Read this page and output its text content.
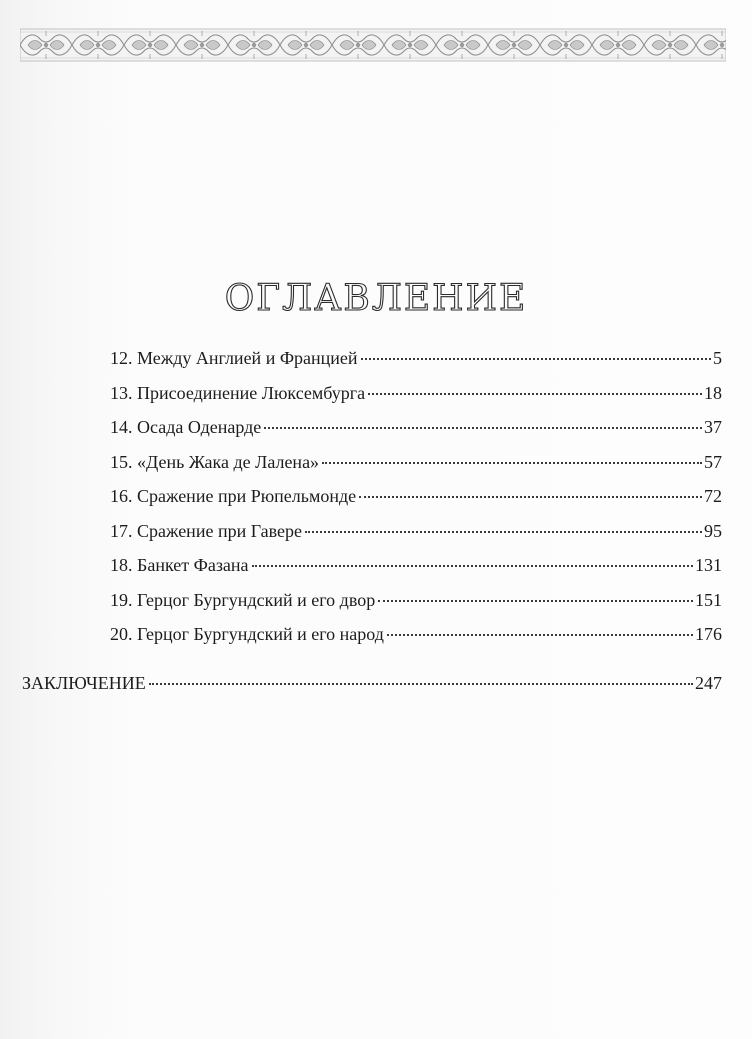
ОГЛАВЛЕНИЕ
12. Между Англией и Францией	5
13. Присоединение Люксембурга	18
14. Осада Оденарде	37
15. «День Жака де Лалена»	57
16. Сражение при Рюпельмонде	72
17. Сражение при Гавере	95
18. Банкет Фазана	131
19. Герцог Бургундский и его двор	151
20. Герцог Бургундский и его народ	176
ЗАКЛЮЧЕНИЕ	247
